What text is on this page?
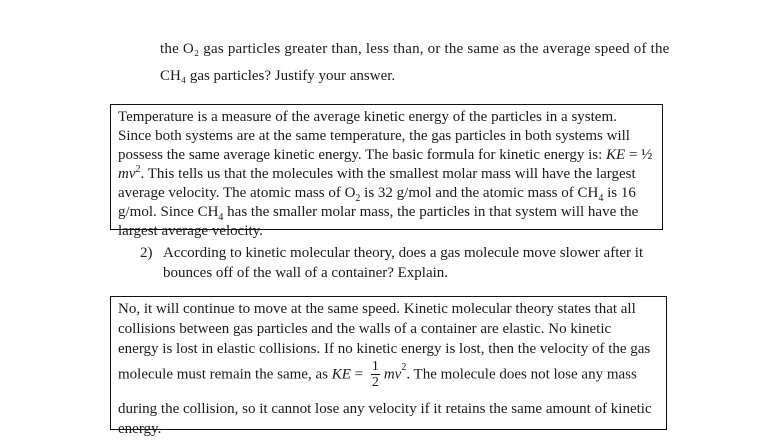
the O₂ gas particles greater than, less than, or the same as the average speed of the
CH₄ gas particles? Justify your answer.
Temperature is a measure of the average kinetic energy of the particles in a system.
Since both systems are at the same temperature, the gas particles in both systems will
possess the same average kinetic energy. The basic formula for kinetic energy is: KE = ½
$mv^2$. This tells us that the molecules with the smallest molar mass will have the largest
average velocity. The atomic mass of $O_2$ is 32 g/mol and the atomic mass of $CH_4$ is 16
g/mol. Since $CH_4$ has the smaller molar mass, the particles in that system will have the
largest average velocity.
2) According to kinetic molecular theory, does a gas molecule move slower after it
bounces off of the wall of a container? Explain.
No, it will continue to move at the same speed. Kinetic molecular theory states that all
collisions between gas particles and the walls of a container are elastic. No kinetic
energy is lost in elastic collisions. If no kinetic energy is lost, then the velocity of the gas
molecule must remain the same, as KE = $\frac{1}{2} mv^2$. The molecule does not lose any mass
during the collision, so it cannot lose any velocity if it retains the same amount of kinetic
energy.
